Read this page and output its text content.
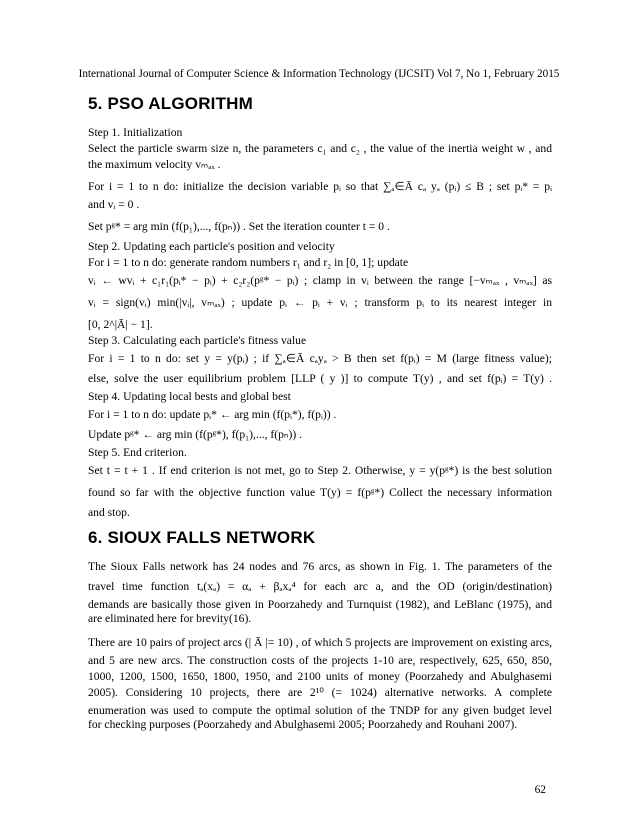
International Journal of Computer Science & Information Technology (IJCSIT) Vol 7, No 1, February 2015
5. PSO ALGORITHM
Step 1. Initialization
Select the particle swarm size n, the parameters c₁ and c₂ , the value of the inertia weight w , and
the maximum velocity vₘₐₓ .
For i = 1 to n do: initialize the decision variable pᵢ so that ∑ₐ∈Ā cₐ yₐ (pᵢ) ≤ B ; set pᵢ* = pᵢ
and vᵢ = 0 .
Set pᵍ* = arg min (f(p₁),..., f(pₙ)) . Set the iteration counter t = 0 .
Step 2. Updating each particle's position and velocity
For i = 1 to n do: generate random numbers r₁ and r₂ in [0, 1]; update
vᵢ ← wvᵢ + c₁r₁(pᵢ* − pᵢ) + c₂r₂(pᵍ* − pᵢ) ; clamp in vᵢ between the range [−vₘₐₓ , vₘₐₓ] as
vᵢ = sign(vᵢ) min(|vᵢ|, vₘₐₓ) ; update pᵢ ← pᵢ + vᵢ ; transform pᵢ to its nearest integer in
[0, 2^|Ā| − 1].
Step 3. Calculating each particle's fitness value
For i = 1 to n do: set y = y(pᵢ) ; if ∑ₐ∈Ā cₐyₐ > B then set f(pᵢ) = M (large fitness value);
else, solve the user equilibrium problem [LLP ( y )] to compute T(y) , and set f(pᵢ) = T(y) .
Step 4. Updating local bests and global best
For i = 1 to n do: update pᵢ* ← arg min (f(pᵢ*), f(pᵢ)) .
Update pᵍ* ← arg min (f(pᵍ*), f(p₁),..., f(pₙ)) .
Step 5. End criterion.
Set t = t + 1 . If end criterion is not met, go to Step 2. Otherwise, y = y(pᵍ*) is the best solution
found so far with the objective function value T(y) = f(pᵍ*) Collect the necessary information
and stop.
6. SIOUX FALLS NETWORK
The Sioux Falls network has 24 nodes and 76 arcs, as shown in Fig. 1. The parameters of the
travel time function tₐ(xₐ) = αₐ + βₐxₐ⁴ for each arc a, and the OD (origin/destination)
demands are basically those given in Poorzahedy and Turnquist (1982), and LeBlanc (1975), and
are eliminated here for brevity(16).
There are 10 pairs of project arcs (| Ā |= 10) , of which 5 projects are improvement on existing arcs,
and 5 are new arcs. The construction costs of the projects 1-10 are, respectively, 625, 650, 850,
1000, 1200, 1500, 1650, 1800, 1950, and 2100 units of money (Poorzahedy and Abulghasemi
2005). Considering 10 projects, there are 2¹⁰ (= 1024) alternative networks. A complete
enumeration was used to compute the optimal solution of the TNDP for any given budget level
for checking purposes (Poorzahedy and Abulghasemi 2005; Poorzahedy and Rouhani 2007).
62
